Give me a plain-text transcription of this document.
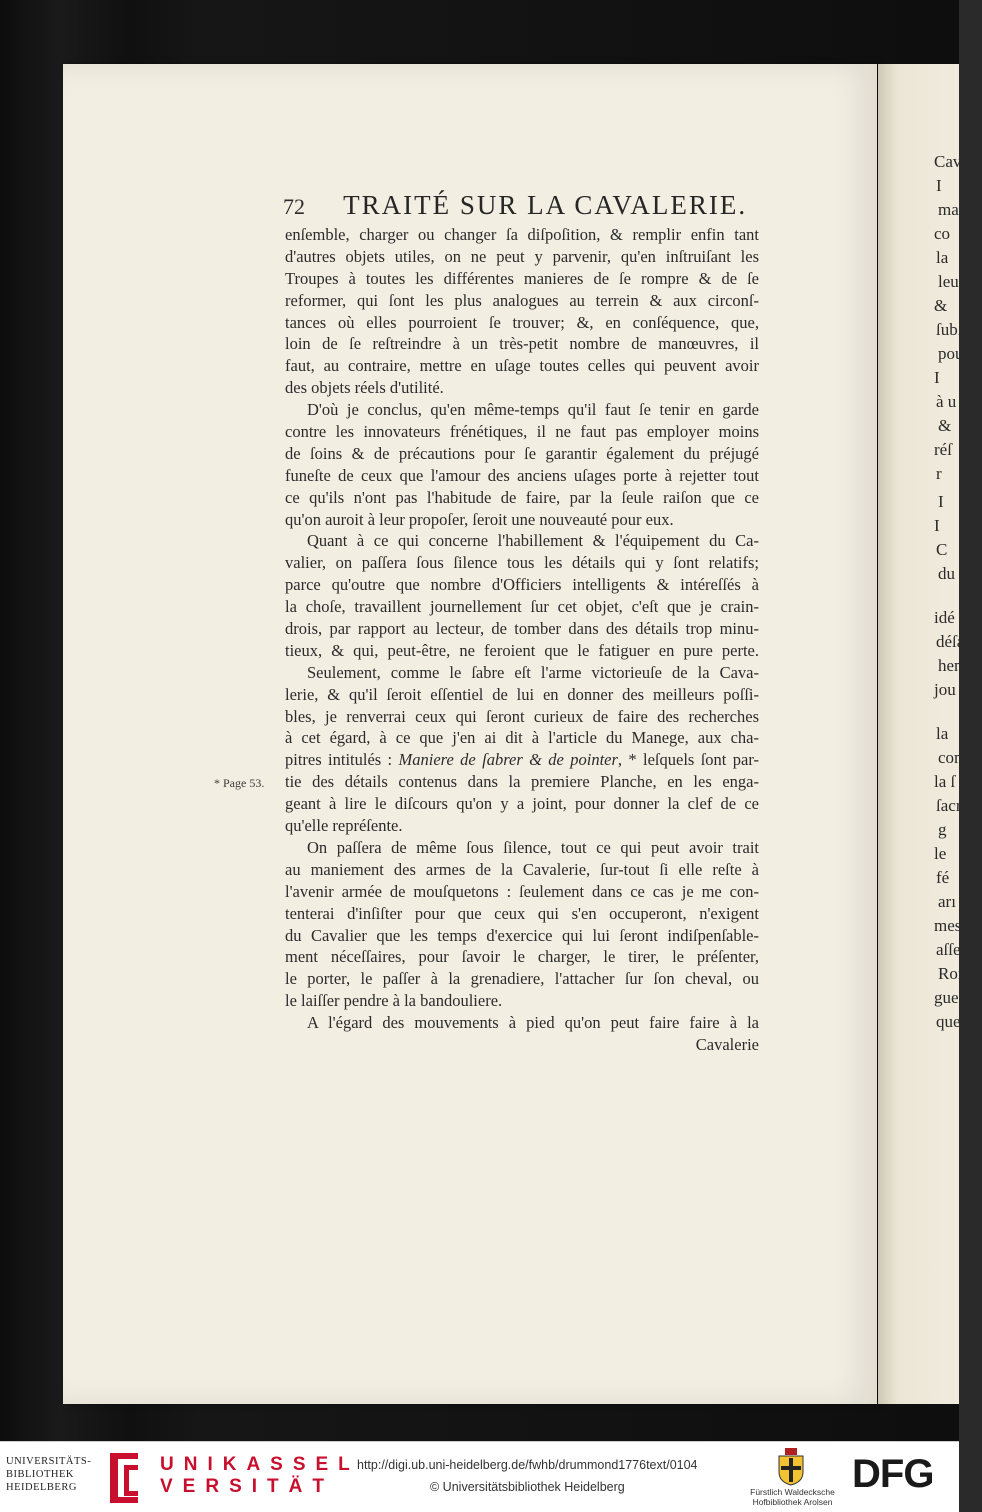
Cav
I
ma
co
la
leu
&
ſubſi
pour
I
à u
&
réſ
r
I
I
C
du
idé
déſa
hen
jou
la
con
la ſ
ſacr
g
le
fé
arı
mes
aſſez
Roi,
guerr
quelqu
72 TRAITÉ SUR LA CAVALERIE.
enſemble, charger ou changer ſa diſpoſition, & remplir enfin tant
d'autres objets utiles, on ne peut y parvenir, qu'en inſtruiſant les
Troupes à toutes les différentes manieres de ſe rompre & de ſe
reformer, qui ſont les plus analogues au terrein & aux circonſ-
tances où elles pourroient ſe trouver; &, en conſéquence, que,
loin de ſe reſtreindre à un très-petit nombre de manœuvres, il
faut, au contraire, mettre en uſage toutes celles qui peuvent avoir
des objets réels d'utilité.
D'où je conclus, qu'en même-temps qu'il faut ſe tenir en garde
contre les innovateurs frénétiques, il ne faut pas employer moins
de ſoins & de précautions pour ſe garantir également du préjugé
funeſte de ceux que l'amour des anciens uſages porte à rejetter tout
ce qu'ils n'ont pas l'habitude de faire, par la ſeule raiſon que ce
qu'on auroit à leur propoſer, ſeroit une nouveauté pour eux.
Quant à ce qui concerne l'habillement & l'équipement du Ca-
valier, on paſſera ſous ſilence tous les détails qui y ſont relatifs;
parce qu'outre que nombre d'Officiers intelligents & intéreſſés à
la choſe, travaillent journellement ſur cet objet, c'eſt que je crain-
drois, par rapport au lecteur, de tomber dans des détails trop minu-
tieux, & qui, peut-être, ne feroient que le fatiguer en pure perte.
Seulement, comme le ſabre eſt l'arme victorieuſe de la Cava-
lerie, & qu'il ſeroit eſſentiel de lui en donner des meilleurs poſſi-
bles, je renverrai ceux qui ſeront curieux de faire des recherches
à cet égard, à ce que j'en ai dit à l'article du Manege, aux cha-
pitres intitulés : Maniere de ſabrer & de pointer, * leſquels ſont par-
tie des détails contenus dans la premiere Planche, en les enga-
geant à lire le diſcours qu'on y a joint, pour donner la clef de ce
qu'elle repréſente.
On paſſera de même ſous ſilence, tout ce qui peut avoir trait
au maniement des armes de la Cavalerie, ſur-tout ſi elle reſte à
l'avenir armée de mouſquetons : ſeulement dans ce cas je me con-
tenterai d'inſiſter pour que ceux qui s'en occuperont, n'exigent
du Cavalier que les temps d'exercice qui lui ſeront indiſpenſable-
ment néceſſaires, pour ſavoir le charger, le tirer, le préſenter,
le porter, le paſſer à la grenadiere, l'attacher ſur ſon cheval, ou
le laiſſer pendre à la bandouliere.
A l'égard des mouvements à pied qu'on peut faire faire à la
Cavalerie
* Page 53.
UNIVERSITÄTS-
BIBLIOTHEK
HEIDELBERG
UNIKASSEL
VERSITÄT
http://digi.ub.uni-heidelberg.de/fwhb/drummond1776text/0104
© Universitätsbibliothek Heidelberg	Fürstlich Waldecksche
Hofbibliothek Arolsen
DFG
